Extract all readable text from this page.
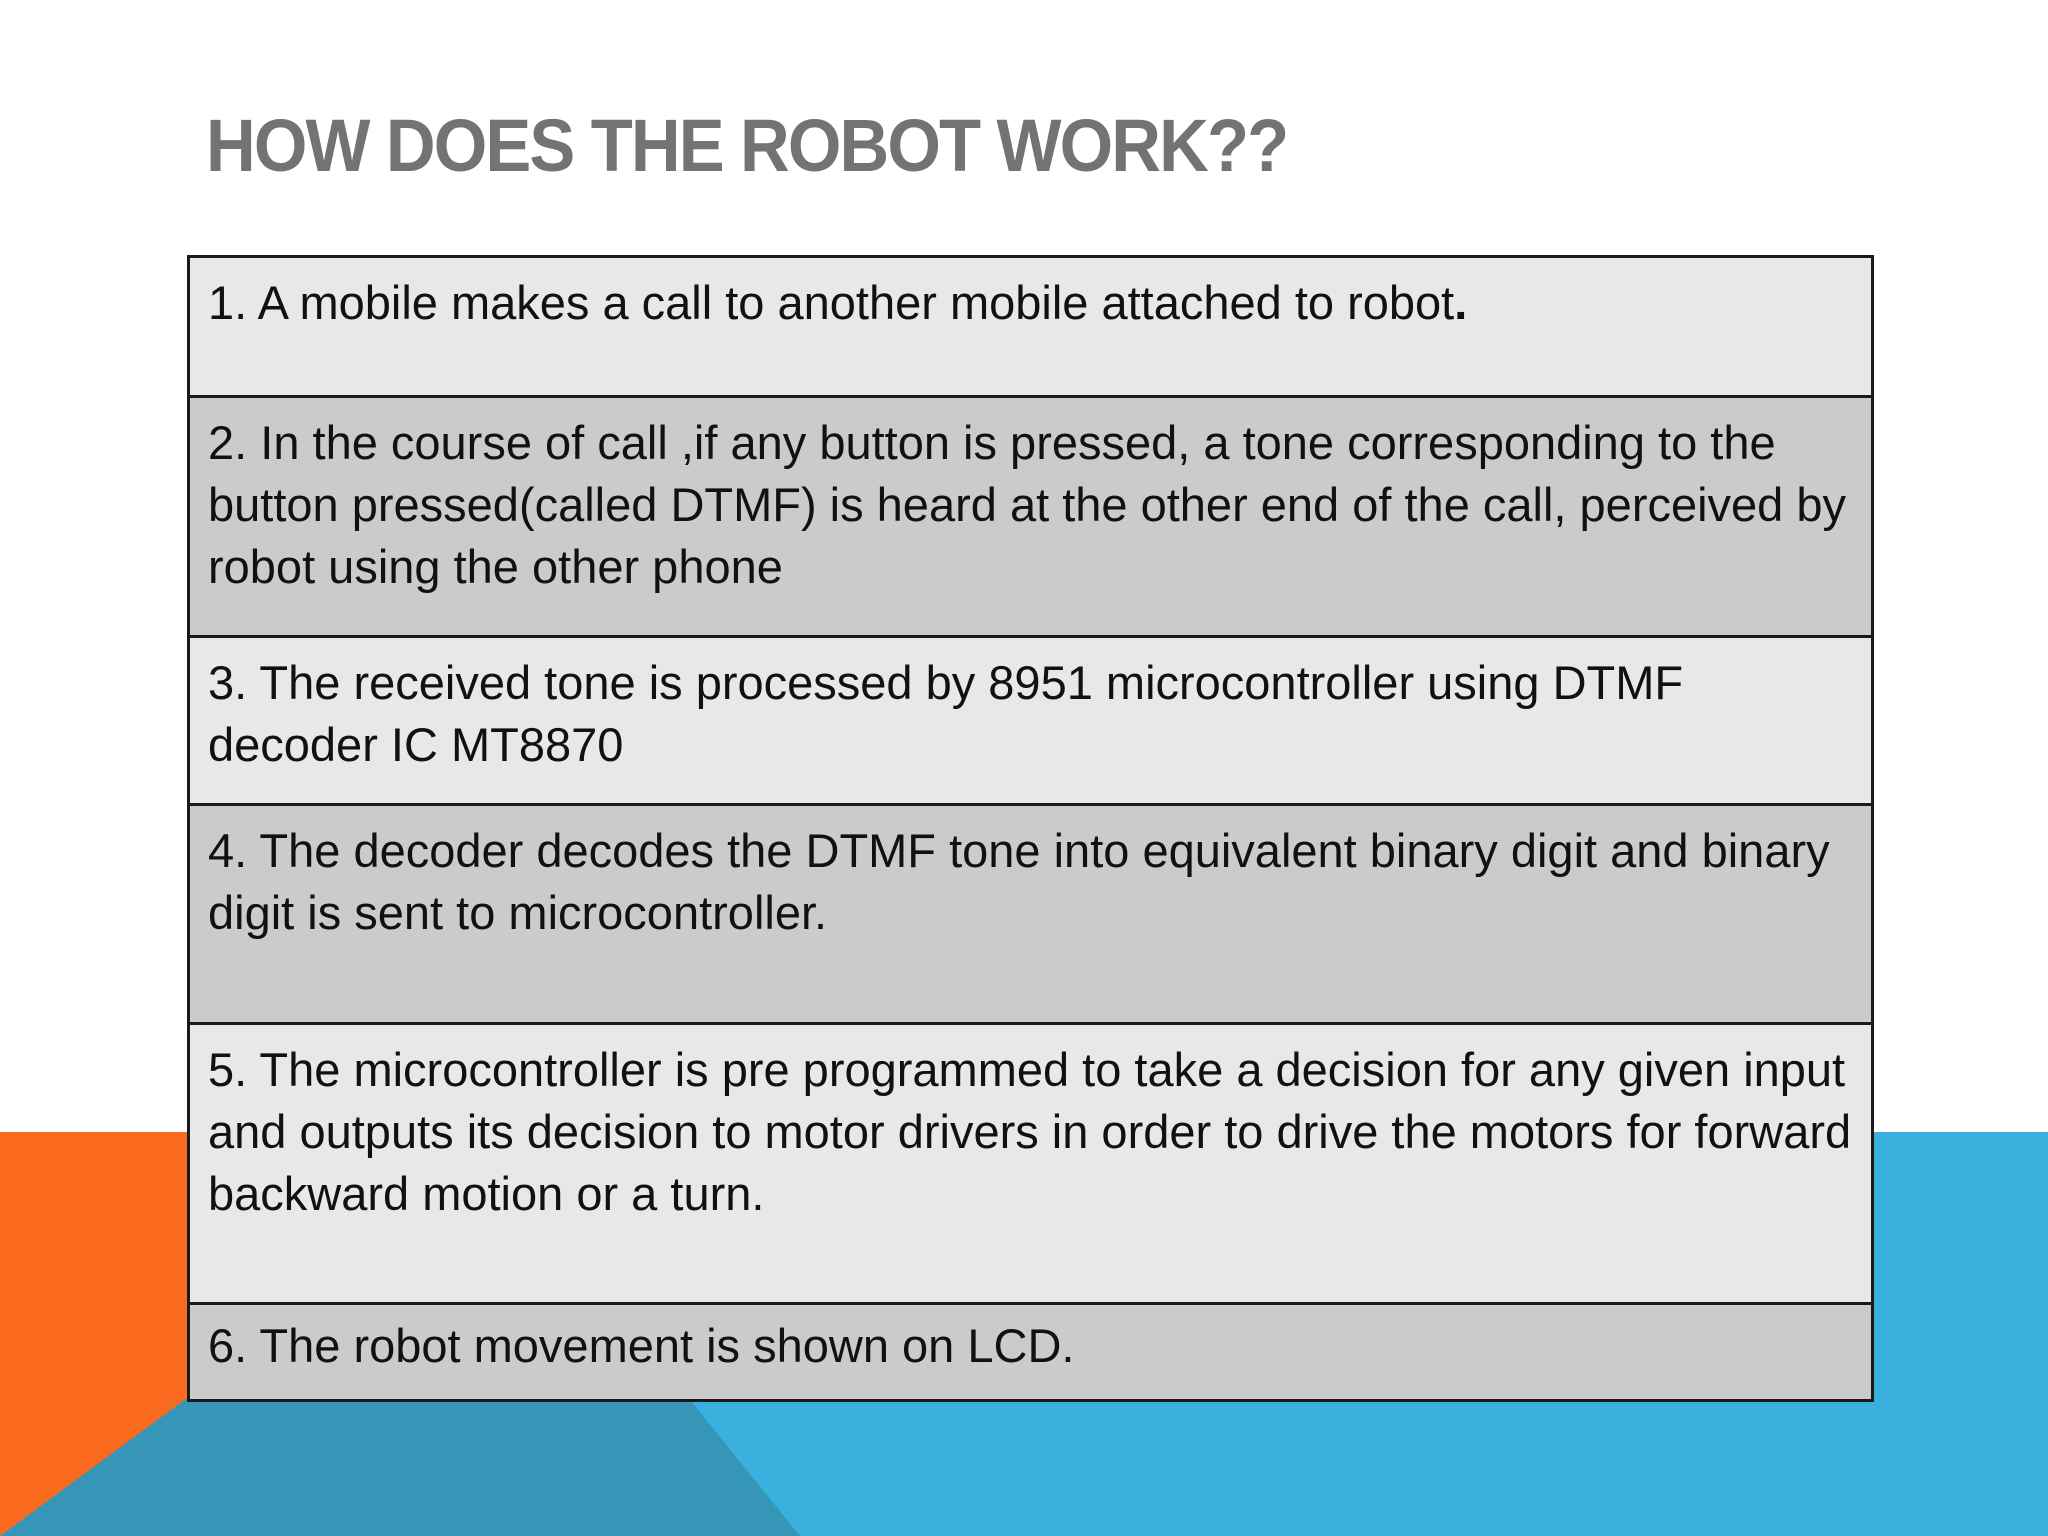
HOW DOES THE ROBOT WORK??
1. A mobile makes a call to another mobile attached to robot.
2. In the course of call ,if any button is pressed, a tone corresponding to the button pressed(called DTMF) is heard at the other end of the call, perceived by robot using the other phone
3. The received tone is processed by 8951 microcontroller using DTMF decoder IC MT8870
4. The decoder decodes the DTMF tone into equivalent binary digit and binary digit is sent to microcontroller.
5. The microcontroller is pre programmed to take a decision for any given input and outputs its decision to motor drivers in order to drive the motors for forward backward motion or a turn.
6. The robot movement is shown on LCD.
